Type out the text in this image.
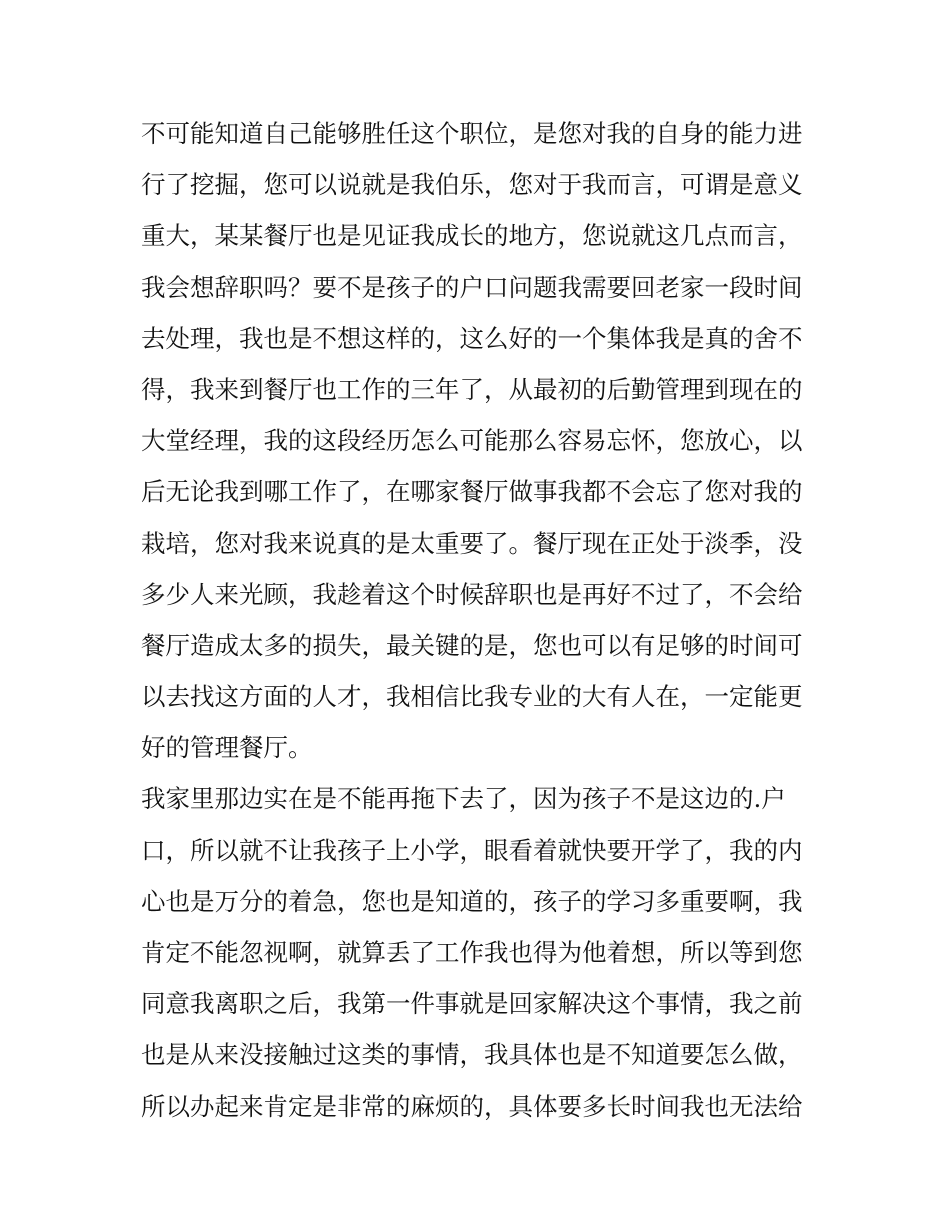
不可能知道自己能够胜任这个职位，是您对我的自身的能力进
行了挖掘，您可以说就是我伯乐，您对于我而言，可谓是意义
重大，某某餐厅也是见证我成长的地方，您说就这几点而言，
我会想辞职吗？要不是孩子的户口问题我需要回老家一段时间
去处理，我也是不想这样的，这么好的一个集体我是真的舍不
得，我来到餐厅也工作的三年了，从最初的后勤管理到现在的
大堂经理，我的这段经历怎么可能那么容易忘怀，您放心，以
后无论我到哪工作了，在哪家餐厅做事我都不会忘了您对我的
栽培，您对我来说真的是太重要了。餐厅现在正处于淡季，没
多少人来光顾，我趁着这个时候辞职也是再好不过了，不会给
餐厅造成太多的损失，最关键的是，您也可以有足够的时间可
以去找这方面的人才，我相信比我专业的大有人在，一定能更
好的管理餐厅。
我家里那边实在是不能再拖下去了，因为孩子不是这边的.户
口，所以就不让我孩子上小学，眼看着就快要开学了，我的内
心也是万分的着急，您也是知道的，孩子的学习多重要啊，我
肯定不能忽视啊，就算丢了工作我也得为他着想，所以等到您
同意我离职之后，我第一件事就是回家解决这个事情，我之前
也是从来没接触过这类的事情，我具体也是不知道要怎么做，
所以办起来肯定是非常的麻烦的，具体要多长时间我也无法给
